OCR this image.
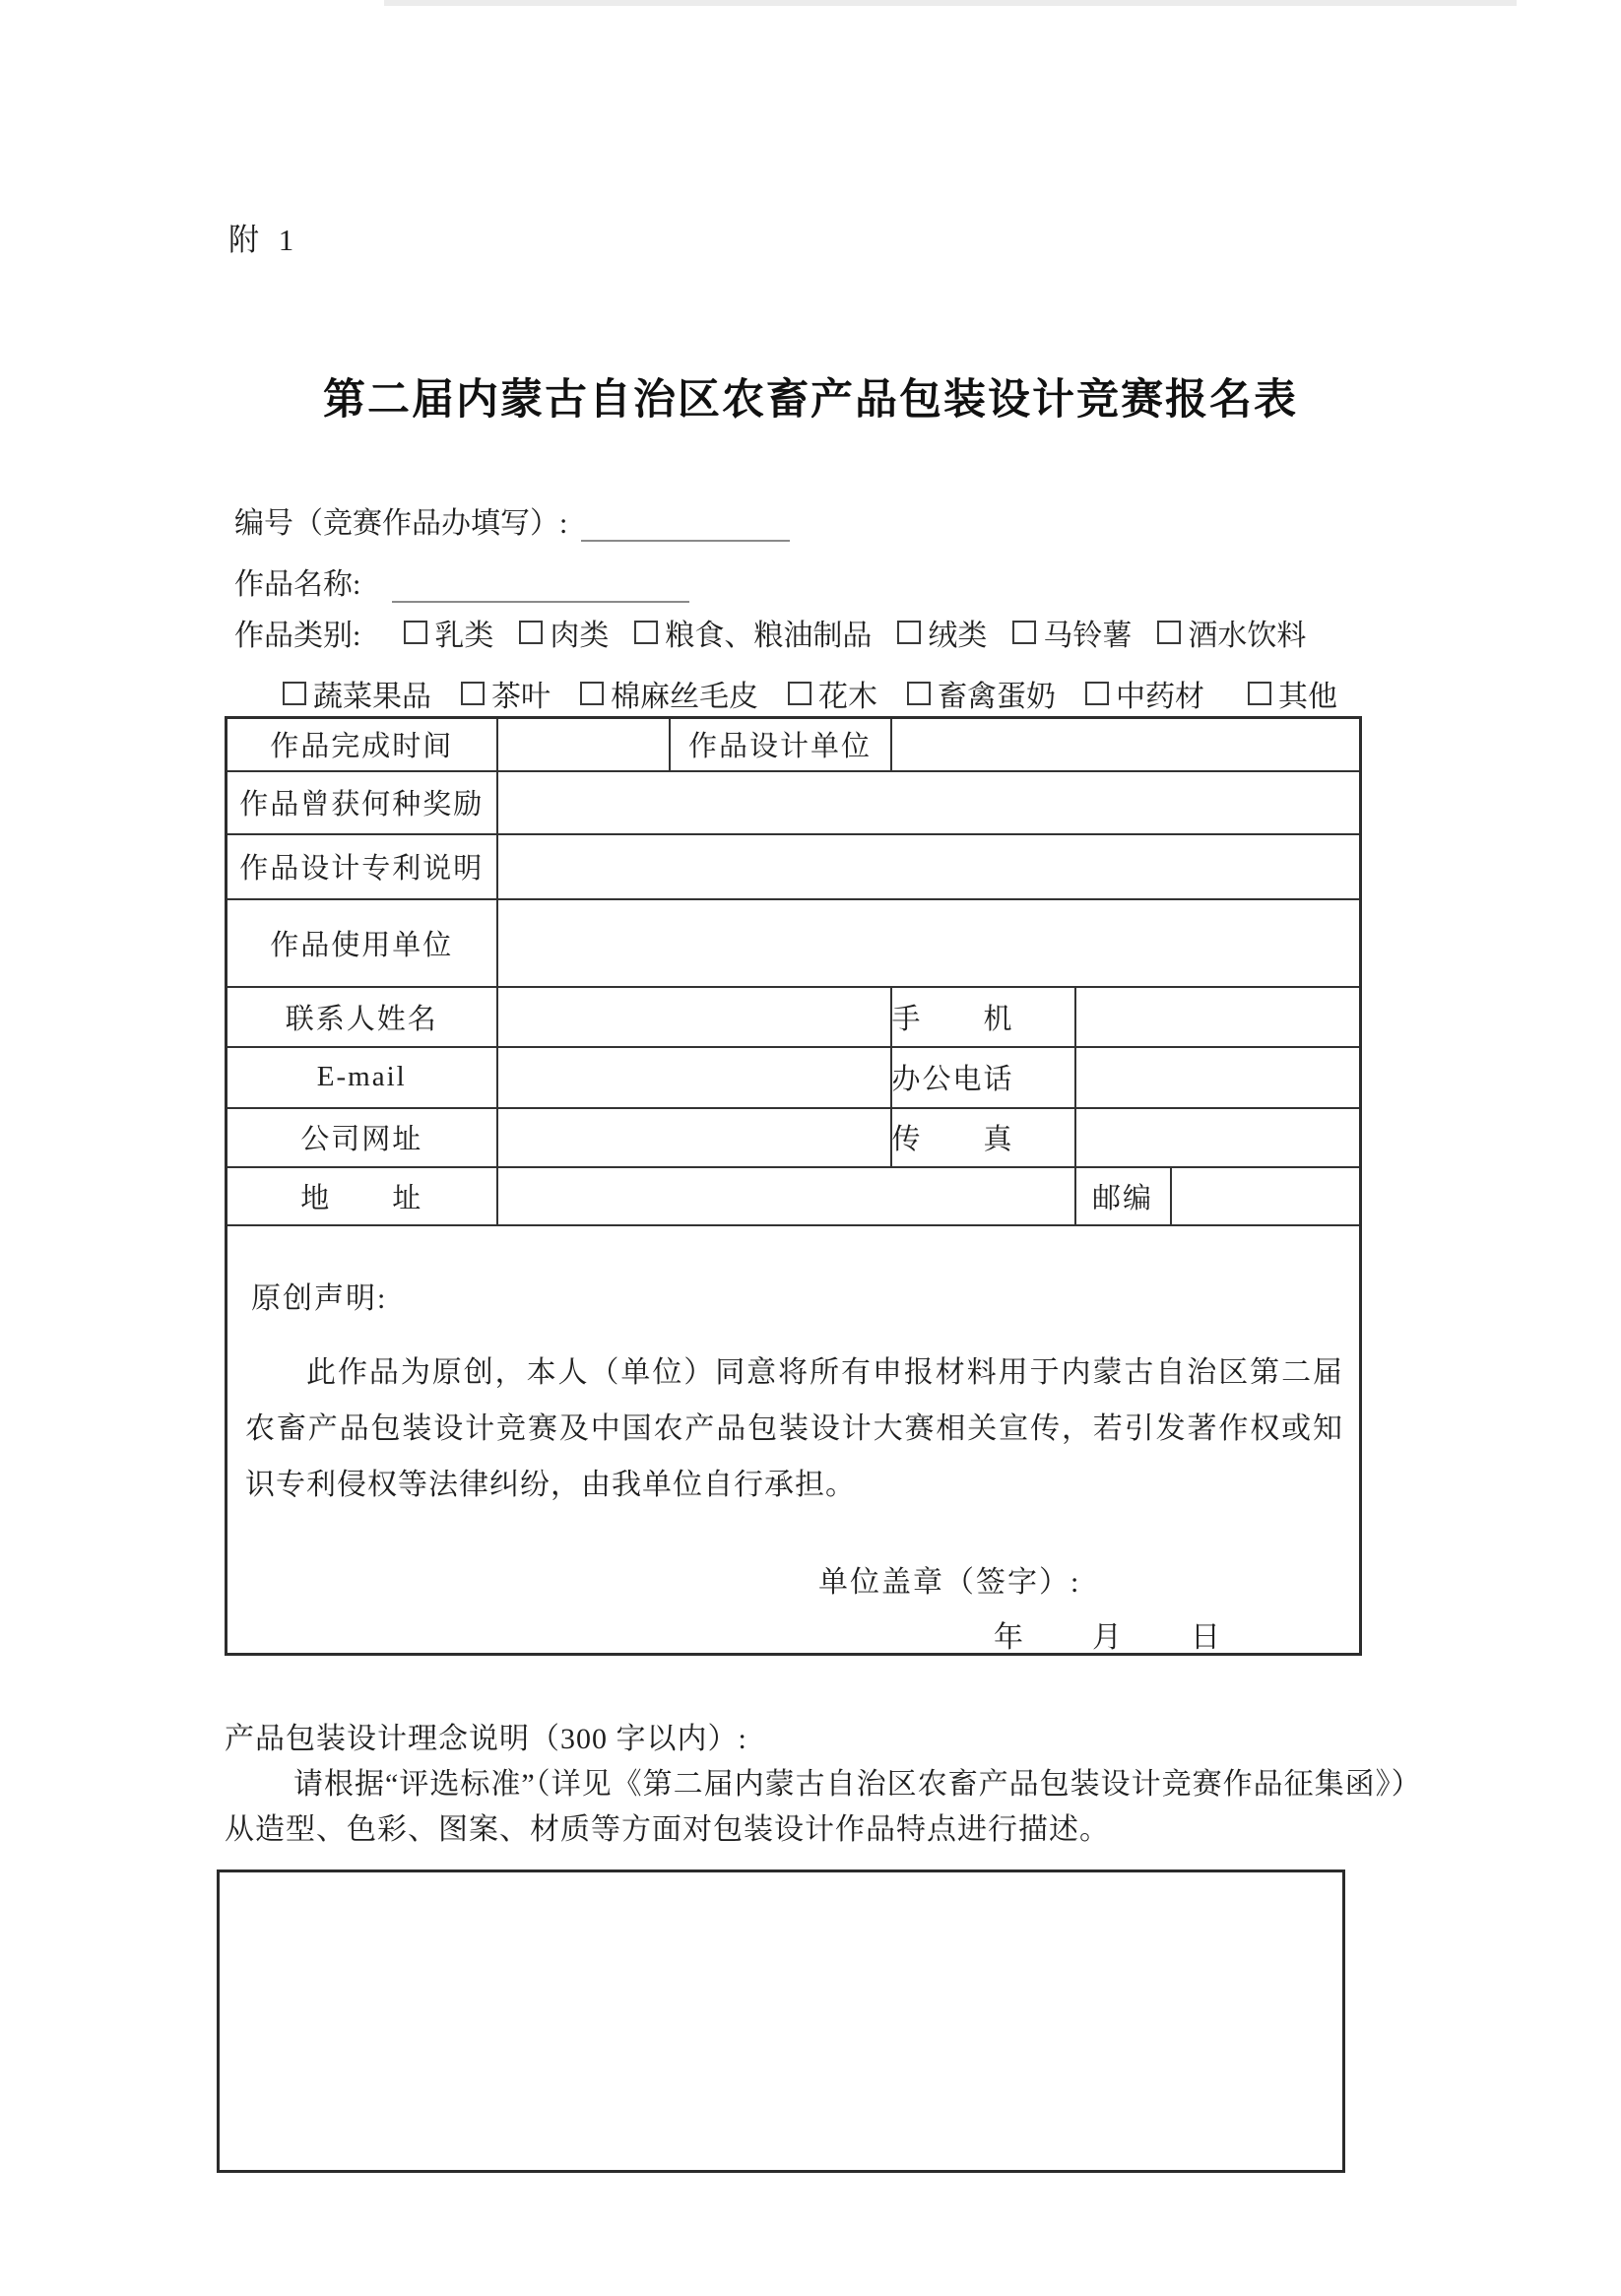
附 1
第二届内蒙古自治区农畜产品包装设计竞赛报名表
编号（竞赛作品办填写）:
作品名称:
作品类别:	乳类 肉类 粮食、粮油制品 绒类 马铃薯 酒水饮料
蔬菜果品 茶叶 棉麻丝毛皮 花木 畜禽蛋奶 中药材	其他
作品完成时间		作品设计单位			
作品曾获何种奖励					
作品设计专利说明					
作品使用单位					
联系人姓名			手　　机		
E-mail			办公电话		
公司网址			传　　真		
地　　址				邮编	

原创声明:
此作品为原创，本人（单位）同意将所有申报材料用于内蒙古自治区第二届农畜产品包装设计竞赛及中国农产品包装设计大赛相关宣传，若引发著作权或知识专利侵权等法律纠纷，由我单位自行承担。
单位盖章（签字）:
年 月 日
产品包装设计理念说明（300 字以内）:
请根据“评选标准”（详见《第二届内蒙古自治区农畜产品包装设计竞赛作品征集函》）
从造型、色彩、图案、材质等方面对包装设计作品特点进行描述。
